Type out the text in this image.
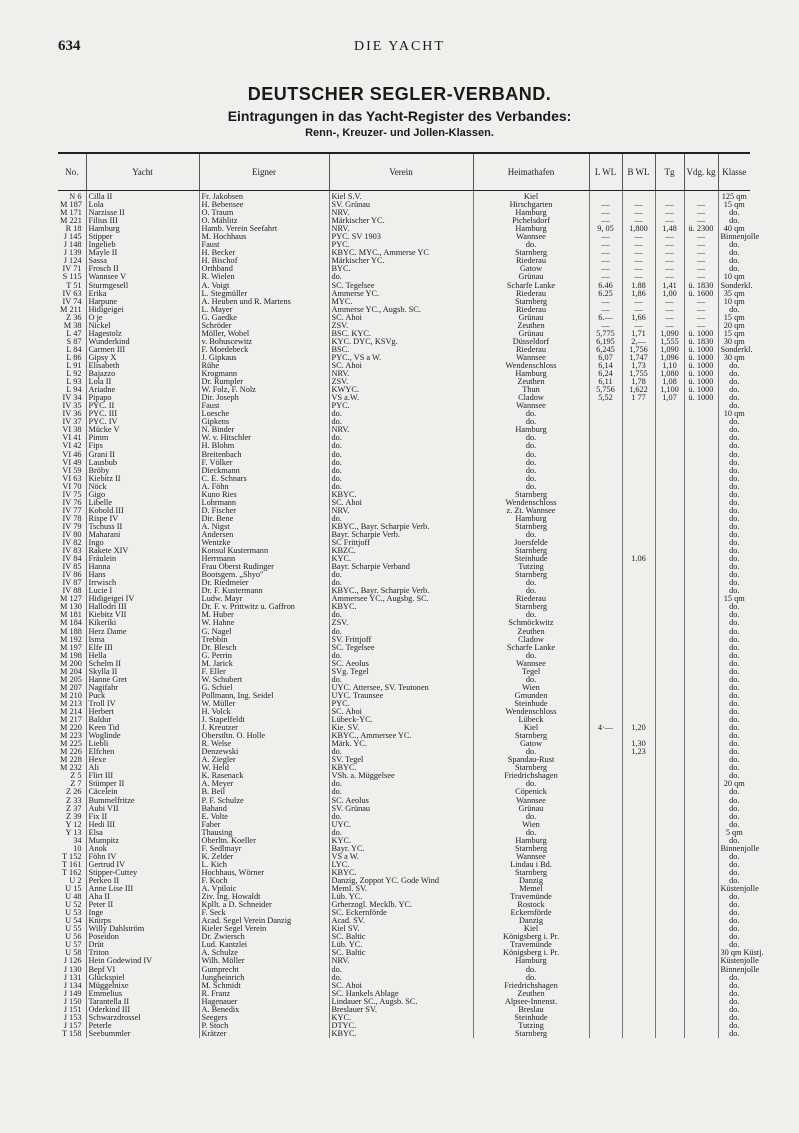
634	DIE YACHT
DEUTSCHER SEGLER-VERBAND.
Eintragungen in das Yacht-Register des Verbandes:
Renn-, Kreuzer- und Jollen-Klassen.
No.	Yacht	Eigner	Verein	Heimathafen	L WL	B WL	Tg	Vdg. kg	Klasse
N 6	Cilla II	Fr. Jakobsen	Kiel S.V.	Kiel					125 qm
M 187	Lola	H. Bebensee	SV. Grünau	Hirschgarten	—	—	—	—	15 qm
M 171	Narzisse II	O. Traum	NRV.	Hamburg	—	—	—	—	do.
M 221	Filius III	O. Mählitz	Märkischer YC.	Pichelsdorf	—	—	—	—	do.
R 18	Hamburg	Hamb. Verein Seefahrt	NRV.	Hamburg	9, 05	1,800	1,48	ü. 2300	40 qm
J 145	Stipper	M. Hochhaus	PYC. SV 1903	Wannsee	—	—	—	—	Binnenjolle
J 148	Ingelieb	Faust	PYC.	do.	—	—	—	—	do.
J 139	Mayle II	H. Becker	KBYC. MYC., Ammerse YC	Starnberg	—	—	—	—	do.
J 124	Sassa	H. Bischof	Märkischer YC.	Riederau	—	—	—	—	do.
IV 71	Frosch II	Orthband	BYC.	Gatow	—	—	—	—	do.
S 115	Wannsee V	R. Wielen	do.	Grünau	—	—	—	—	10 qm
T 51	Sturmgesell	A. Voigt	SC. Tegelsee	Scharfe Lanke	6.46	1.88	1,41	ü. 1830	Sonderkl.
IV 63	Erika	L. Stegmüller	Ammerse YC.	Riederau	6.25	1,86	1,00	ü. 1600	35 qm
IV 74	Harpune	A. Heuben und R. Martens	MYC.	Starnberg	—	—	—	—	10 qm
M 211	Hidigeigei	L. Mayer	Ammerse YC., Augsb. SC.	Riederau	—	—	—	—	do.
Z 36	O je	G. Gaedke	SC. Ahoi	Grünau	6.—	1,66	—	—	15 qm
M 38	Nickel	Schröder	ZSV.	Zeuthen	—	—	—	—	20 qm
L 47	Hagestolz	Möller, Wobel	BSC. KYC.	Grünau	5,775	1,71	1,090	ü. 1000	15 qm
S 87	Wunderkind	v. Bohuscewitz	KYC. DYC, KSVg.	Düsseldorf	6,195	2,—	1,555	ü. 1830	30 qm
L 84	Carmen III	F. Moedebeck	BSC.	Riederau	6,245	1,756	1,090	ü. 1000	Sonderkl.
L 86	Gipsy X	J. Gipkaus	PYC., VS a W.	Wannsee	6,07	1,747	1,096	ü. 1000	30 qm
L 91	Elisabeth	Rühe	SC. Ahoi	Wendenschloss	6,14	1,73	1,10	ü. 1000	do.
L 92	Bajazzo	Krogmann	NRV.	Hamburg	6,24	1,755	1,080	ü. 1000	do.
L 93	Lola II	Dr. Rumpler	ZSV.	Zeuthen	6,11	1,78	1,08	ü. 1000	do.
L 94	Ariadne	W. Folz, F. Nolz	KWYC.	Thun	5,756	1,622	1,100	ü. 1000	do.
IV 34	Pipapo	Dir. Joseph	VS a.W.	Cladow	5,52	1 77	1,07	ü. 1000	do.
IV 35	PYC. II	Faust	PYC.	Wannsee					do.
IV 36	PYC. III	Loesche	do.	do.					10 qm
IV 37	PYC. IV	Gipkens	do.	do.					do.
VI 38	Mücke V	N. Binder	NRV.	Hamburg					do.
VI 41	Pimm	W. v. Hitschler	do.	do.					do.
VI 42	Fips	H. Blohm	do.	do.					do.
VI 46	Grani II	Breitenbach	do.	do.					do.
VI 49	Lausbub	F. Völker	do.	do.					do.
VI 59	Bröby	Dieckmann	do.	do.					do.
VI 63	Kiebitz II	C. E. Schnars	do.	do.					do.
VI 70	Nöck	A. Föhn	do.	do.					do.
IV 75	Gigo	Kuno Ries	KBYC.	Starnberg					do.
IV 76	Libelle	Lohrmann	SC. Ahoi	Wendenschloss					do.
IV 77	Kobold III	D. Fischer	NRV.	z. Zt. Wannsee					do.
IV 78	Rispe IV	Dir. Bene	do.	Hamburg					do.
IV 79	Tschuss II	A. Nigst	KBYC., Bayr. Scharpie Verb.	Starnberg					do.
IV 80	Maharani	Andersen	Bayr. Scharpie Verb.	do.					do.
IV 82	Ingo	Wentzke	SC Frittjoff	Joersfelde					do.
IV 83	Rakete XIV	Konsul Kustermann	KBZC.	Starnberg					do.
IV 84	Fräulein	Herrmann	KYC.	Steinhude		1.06			do.
IV 85	Hanna	Frau Oberst Rudinger	Bayr. Scharpie Verband	Tutzing					do.
IV 86	Hans	Bootsgem. „Shyo"	do.	Starnberg					do.
IV 87	Irrwisch	Dr. Riedmeier	do.	do.					do.
IV 88	Lucie I	Dr. F. Kustermann	KBYC., Bayr. Scharpie Verb.	do.					do.
M 127	Hidigeigei IV	Ludw. Mayr	Ammersee YC., Augsbg. SC.	Riederau					15 qm
M 130	Hallodri III	Dr. F. v. Prittwitz u. Gaffron	KBYC.	Starnberg					do.
M 181	Kiebitz VII	M. Huber	do.	do.					do.
M 184	Kikeriki	W. Hahne	ZSV.	Schmöckwitz					do.
M 188	Herz Dame	G. Nagel	do.	Zeuthen					do.
M 192	Isma	Trebbin	SV. Frittjoff	Cladow					do.
M 197	Elfe III	Dr. Blesch	SC. Tegelsee	Scharfe Lanke					do.
M 198	Hella	G. Perrin	do.	do.					do.
M 200	Schelm II	M. Jarick	SC. Aeolus	Wannsee					do.
M 204	Skylla II	F. Eller	SVg. Tegel	Tegel					do.
M 205	Hanne Gret	W. Schubert	do.	do.					do.
M 207	Nagifahr	G. Schiel	UYC. Attersee, SV. Teutonen	Wien					do.
M 210	Puck	Pollmann, Ing. Seidel	UYC. Traunsee	Gmunden					do.
M 213	Troll IV	W. Müller	PYC.	Steinhude					do.
M 214	Herbert	H. Volck	SC. Ahoi	Wendenschloss					do.
M 217	Baldur	J. Stapelfeldt	Lübeck-YC.	Lübeck					do.
M 220	Keen Tid	J. Kreutzer	Kie. SV.	Kiel	4·—	1,20			do.
M 223	Woglinde	Oberstltn. O. Holle	KBYC., Ammersee YC.	Starnberg					do.
M 225	Liebli	R. Welse	Märk. YC.	Gatow		1,30			do.
M 226	Elfchen	Denzewski	do.	do.		1,23			do.
M 228	Hexe	A. Ziegler	SV. Tegel	Spandau-Rust					do.
M 232	Ali	W. Held	KBYC.	Starnberg					do.
Z 5	Flirt III	K. Rasenack	VSh. a. Müggelsee	Friedrichshagen					do.
Z 7	Stümper II	A. Meyer	do.	do.					20 qm
Z 26	Cäcelein	B. Beil	do.	Cöpenick					do.
Z 33	Bummelfritze	P. F. Schulze	SC. Aeolus	Wannsee					do.
Z 37	Aubi VII	Bahand	SV. Grünau	Grünau					do.
Z 39	Fix II	E. Volte	do.	do.					do.
Y 12	Hedi III	Faber	UYC.	Wien					do.
Y 13	Elsa	Thausing	do.	do.					5 qm
34	Mumpitz	Oberltn. Koeller	KYC.	Hamburg					do.
10	Anok	F. Sedlmayr	Bayr. YC.	Starnberg					Binnenjolle
T 152	Föhn IV	K. Zelder	VS a W.	Wannsee					do.
T 161	Gertrud IV	L. Kich	LYC.	Lindau i Bd.					do.
T 162	Stipper-Cuttey	Hochhaus, Wörner	KBYC.	Starnberg					do.
U 2	Perkeo II	F. Koch	Danzig, Zoppot YC. Gode Wind	Danzig					do.
U 15	Anne Lise III	A. Vpiloic	Meml. SV.	Memel					Küstenjolle
U 48	Aha II	Ziv. Ing. Howaldt	Lüb. YC.	Travemünde					do.
U 52	Peter II	Kpllt. a D. Schneider	Grherzogl. Mecklb. YC.	Rostock					do.
U 53	Inge	F. Seck	SC. Eckernförde	Eckernförde					do.
U 54	Knirps	Acad. Segel Verein Danzig	Acad. SV.	Danzig					do.
U 55	Willy Dahlström	Kieler Segel Verein	Kiel SV.	Kiel					do.
U 56	Poseidon	Dr. Zwiersch	SC. Baltic	Königsberg i. Pr.					do.
U 57	Drüt	Lud. Kantzlei	Lüb. YC.	Travemünde					do.
U 58	Triton	A. Schulze	SC. Baltic	Königsberg i. Pr.					30 qm Küstj.
J 126	Hein Godewind IV	Wilh. Möller	NRV.	Hamburg					Küstenjolle
J 130	Bepf VI	Gumprecht	do.	do.					Binnenjolle
J 131	Glückspiel	Jungheinrich	do.	do.					do.
J 134	Müggelnixe	M. Schmidt	SC. Ahoi	Friedrichshagen					do.
J 149	Emmelius	R. Franz	SC. Hankels Ablage	Zeuthen					do.
J 150	Tarantella II	Hagenauer	Lindauer SC., Augsb. SC.	Alpsee-Innenst.					do.
J 151	Oderkind III	A. Benedix	Breslauer SV.	Breslau					do.
J 153	Schwarzdrossel	Seegers	KYC.	Steinhude					do.
J 157	Peterle	P. Stoch	DTYC.	Tutzing					do.
T 158	Seebummler	Krätzer	KBYC.	Starnberg					do.
